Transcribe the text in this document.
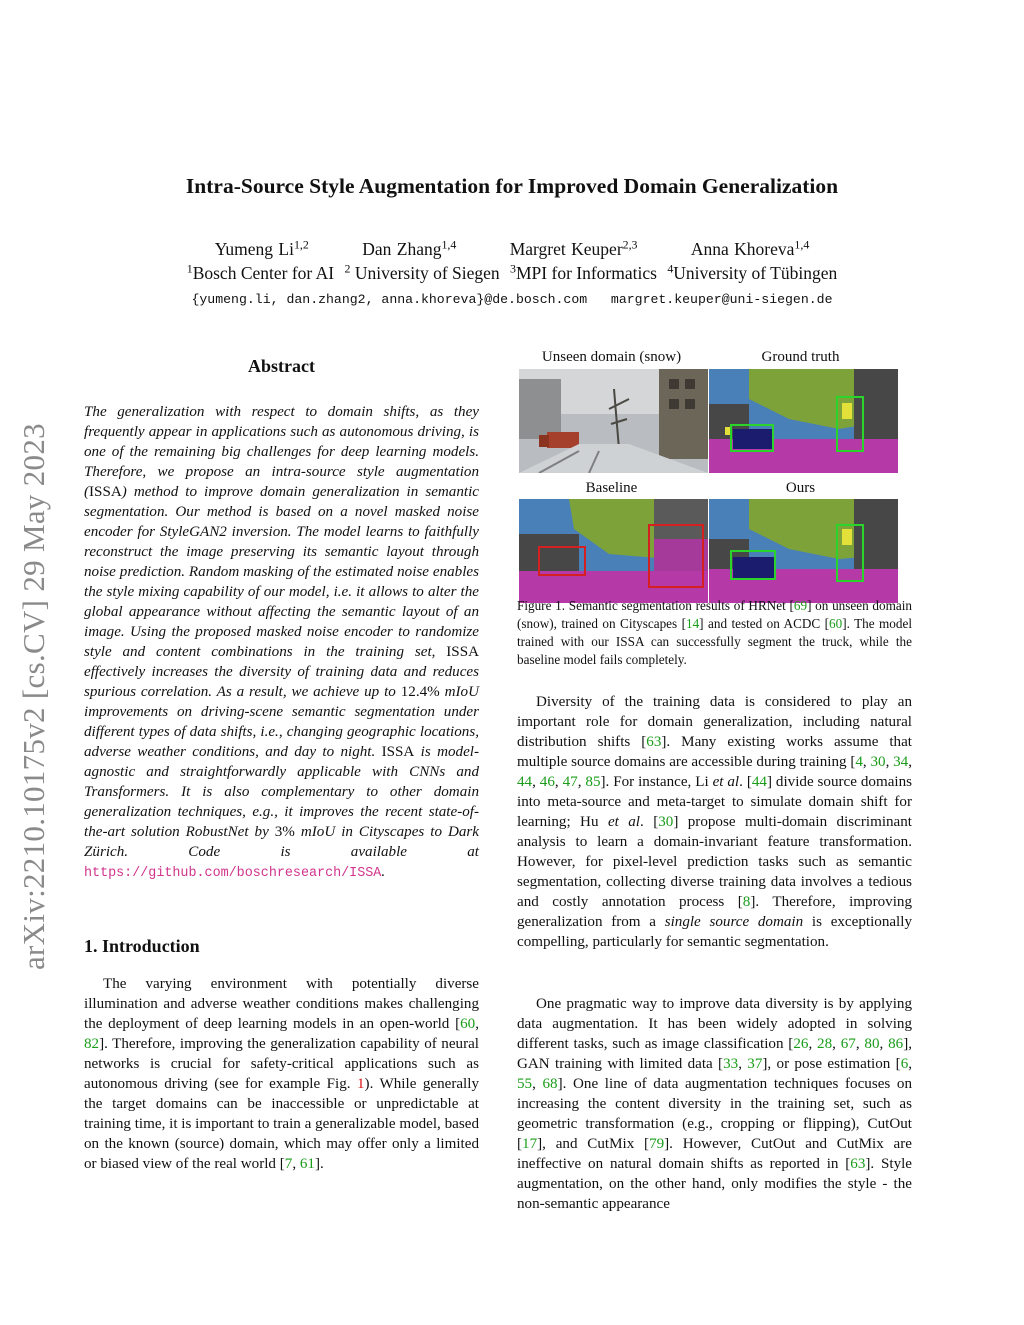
arXiv:2210.10175v2 [cs.CV] 29 May 2023
Intra-Source Style Augmentation for Improved Domain Generalization
Yumeng Li$^{1,2}$	Dan Zhang$^{1,4}$	Margret Keuper$^{2,3}$	Anna Khoreva$^{1,4}$
$^1$Bosch Center for AI $^2$ University of Siegen $^3$MPI for Informatics $^4$University of Tübingen
{yumeng.li, dan.zhang2, anna.khoreva}@de.bosch.com   margret.keuper@uni-siegen.de
Abstract
The generalization with respect to domain shifts, as they frequently appear in applications such as autonomous driving, is one of the remaining big challenges for deep learning models. Therefore, we propose an intra-source style augmentation (ISSA) method to improve domain generalization in semantic segmentation. Our method is based on a novel masked noise encoder for StyleGAN2 inversion. The model learns to faithfully reconstruct the image preserving its semantic layout through noise prediction. Random masking of the estimated noise enables the style mixing capability of our model, i.e. it allows to alter the global appearance without affecting the semantic layout of an image. Using the proposed masked noise encoder to randomize style and content combinations in the training set, ISSA effectively increases the diversity of training data and reduces spurious correlation. As a result, we achieve up to 12.4% mIoU improvements on driving-scene semantic segmentation under different types of data shifts, i.e., changing geographic locations, adverse weather conditions, and day to night. ISSA is model-agnostic and straightforwardly applicable with CNNs and Transformers. It is also complementary to other domain generalization techniques, e.g., it improves the recent state-of-the-art solution RobustNet by 3% mIoU in Cityscapes to Dark Zürich. Code is available at https://github.com/boschresearch/ISSA.
1. Introduction
The varying environment with potentially diverse illumination and adverse weather conditions makes challenging the deployment of deep learning models in an open-world [60, 82]. Therefore, improving the generalization capability of neural networks is crucial for safety-critical applications such as autonomous driving (see for example Fig. 1). While generally the target domains can be inaccessible or unpredictable at training time, it is important to train a generalizable model, based on the known (source) domain, which may offer only a limited or biased view of the real world [7, 61].
Unseen domain (snow)	Ground truth
Baseline	Ours
Figure 1. Semantic segmentation results of HRNet [69] on unseen domain (snow), trained on Cityscapes [14] and tested on ACDC [60]. The model trained with our ISSA can successfully segment the truck, while the baseline model fails completely.
Diversity of the training data is considered to play an important role for domain generalization, including natural distribution shifts [63]. Many existing works assume that multiple source domains are accessible during training [4, 30, 34, 44, 46, 47, 85]. For instance, Li et al. [44] divide source domains into meta-source and meta-target to simulate domain shift for learning; Hu et al. [30] propose multi-domain discriminant analysis to learn a domain-invariant feature transformation. However, for pixel-level prediction tasks such as semantic segmentation, collecting diverse training data involves a tedious and costly annotation process [8]. Therefore, improving generalization from a single source domain is exceptionally compelling, particularly for semantic segmentation.
One pragmatic way to improve data diversity is by applying data augmentation. It has been widely adopted in solving different tasks, such as image classification [26, 28, 67, 80, 86], GAN training with limited data [33, 37], or pose estimation [6, 55, 68]. One line of data augmentation techniques focuses on increasing the content diversity in the training set, such as geometric transformation (e.g., cropping or flipping), CutOut [17], and CutMix [79]. However, CutOut and CutMix are ineffective on natural domain shifts as reported in [63]. Style augmentation, on the other hand, only modifies the style - the non-semantic appearance
